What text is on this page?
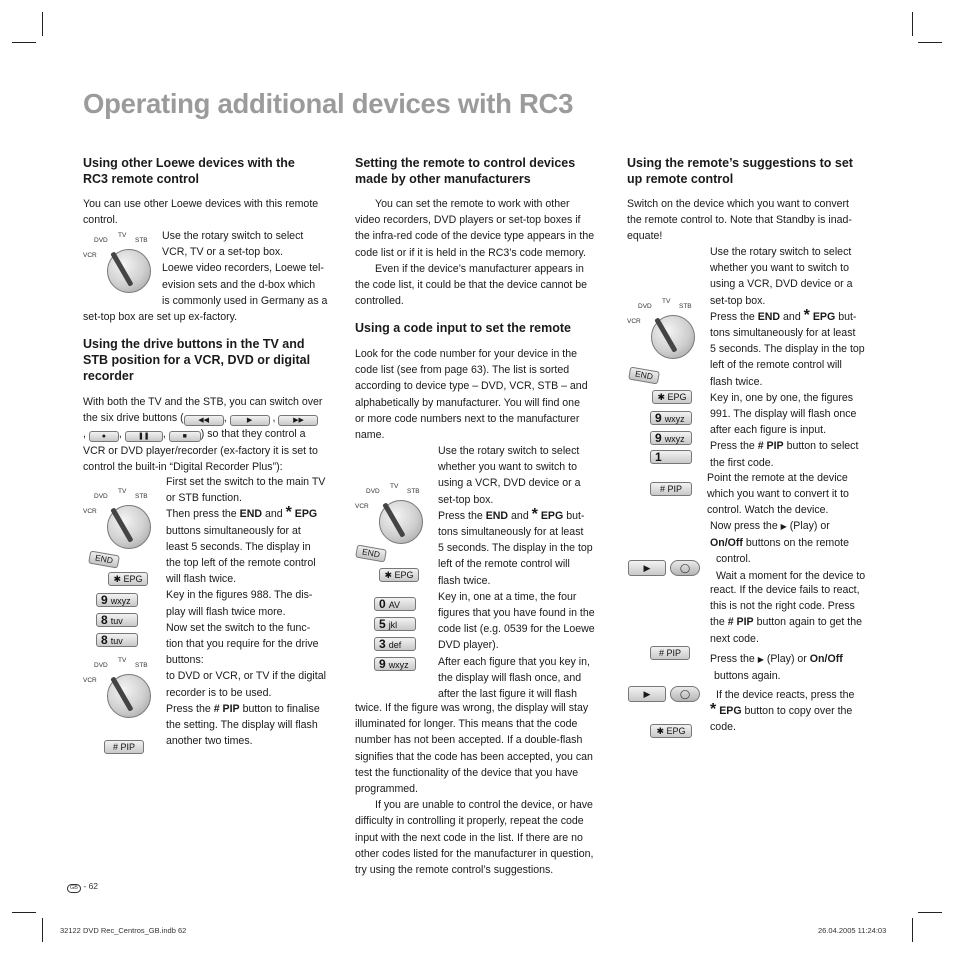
Operating additional devices with RC3
Using other Loewe devices with the
RC3 remote control
You can use other Loewe devices with this remote
control.
DVD
TV
STB
VCR
Use the rotary switch to select
VCR, TV or a set-top box.
Loewe video recorders, Loewe tel-
evision sets and the d-box which
is commonly used in Germany as a
set-top box are set up ex-factory.
Using the drive buttons in the TV and
STB position for a VCR, DVD or digital
recorder
With both the TV and the STB, you can switch over
the six drive buttons ( ◀◀ ,	▶ ,	▶▶
, ● , ❚❚ , ■ ) so that they control a
VCR or DVD player/recorder (ex-factory it is set to
control the built-in “Digital Recorder Plus”):
DVD
TV
STB
VCR
First set the switch to the main TV
or STB function.
Then press the END and * EPG
buttons simultaneously for at
least 5 seconds. The display in
the top left of the remote control
will flash twice.
Key in the figures 988. The dis-
play will flash twice more.
Now set the switch to the func-
tion that you require for the drive
buttons:
to DVD or VCR, or TV if the digital
recorder is to be used.
Press the # PIP button to finalise
the setting. The display will flash
another two times.
END
✱ EPG
9 wxyz
8 tuv
8 tuv
DVD
TV
STB
VCR
# PIP
Setting the remote to control devices
made by other manufacturers
You can set the remote to work with other
video recorders, DVD players or set-top boxes if
the infra-red code of the device type appears in the
code list or if it is held in the RC3’s code memory.
Even if the device’s manufacturer appears in
the code list, it could be that the device cannot be
controlled.
Using a code input to set the remote
Look for the code number for your device in the
code list (see from page 63). The list is sorted
according to device type – DVD, VCR, STB – and
alphabetically by manufacturer. You will find one
or more code numbers next to the manufacturer
name.
DVD
TV
STB
VCR
Use the rotary switch to select
whether you want to switch to
using a VCR, DVD device or a
set-top box.
Press the END and * EPG but-
tons simultaneously for at least
5 seconds. The display in the top
left of the remote control will
flash twice.
Key in, one at a time, the four
figures that you have found in the
code list (e.g. 0539 for the Loewe
DVD player).
After each figure that you key in,
the display will flash once, and
after the last figure it will flash
END
✱ EPG
0 AV
5 jkl
3 def
9 wxyz
twice. If the figure was wrong, the display will stay
illuminated for longer. This means that the code
number has not been accepted. If a double-flash
signifies that the code has been accepted, you can
test the functionality of the device that you have
programmed.
If you are unable to control the device, or have
difficulty in controlling it properly, repeat the code
input with the next code in the list. If there are no
other codes listed for the manufacturer in question,
try using the remote control’s suggestions.
Using the remote’s suggestions to set
up remote control
Switch on the device which you want to convert
the remote control to. Note that Standby is inad-
equate!
DVD
TV
STB
VCR
Use the rotary switch to select
whether you want to switch to
using a VCR, DVD device or a
set-top box.
Press the END and * EPG but-
tons simultaneously for at least
5 seconds. The display in the top
left of the remote control will
flash twice.
Key in, one by one, the figures
991. The display will flash once
after each figure is input.
Press the # PIP button to select
the first code.
Point the remote at the device
which you want to convert it to
control. Watch the device.
Now press the ▶ (Play) or
On/Off buttons on the remote
control.
Wait a moment for the device to
react. If the device fails to react,
this is not the right code. Press
the # PIP button again to get the
next code.
Press the ▶ (Play) or On/Off
buttons again.
If the device reacts, press the
* EPG button to copy over the
code.
END
✱ EPG
9 wxyz
9 wxyz
1
# PIP
▶	◯
# PIP
▶	◯
✱ EPG
GB - 62
32122 DVD Rec_Centros_GB.indb 62	26.04.2005 11:24:03
